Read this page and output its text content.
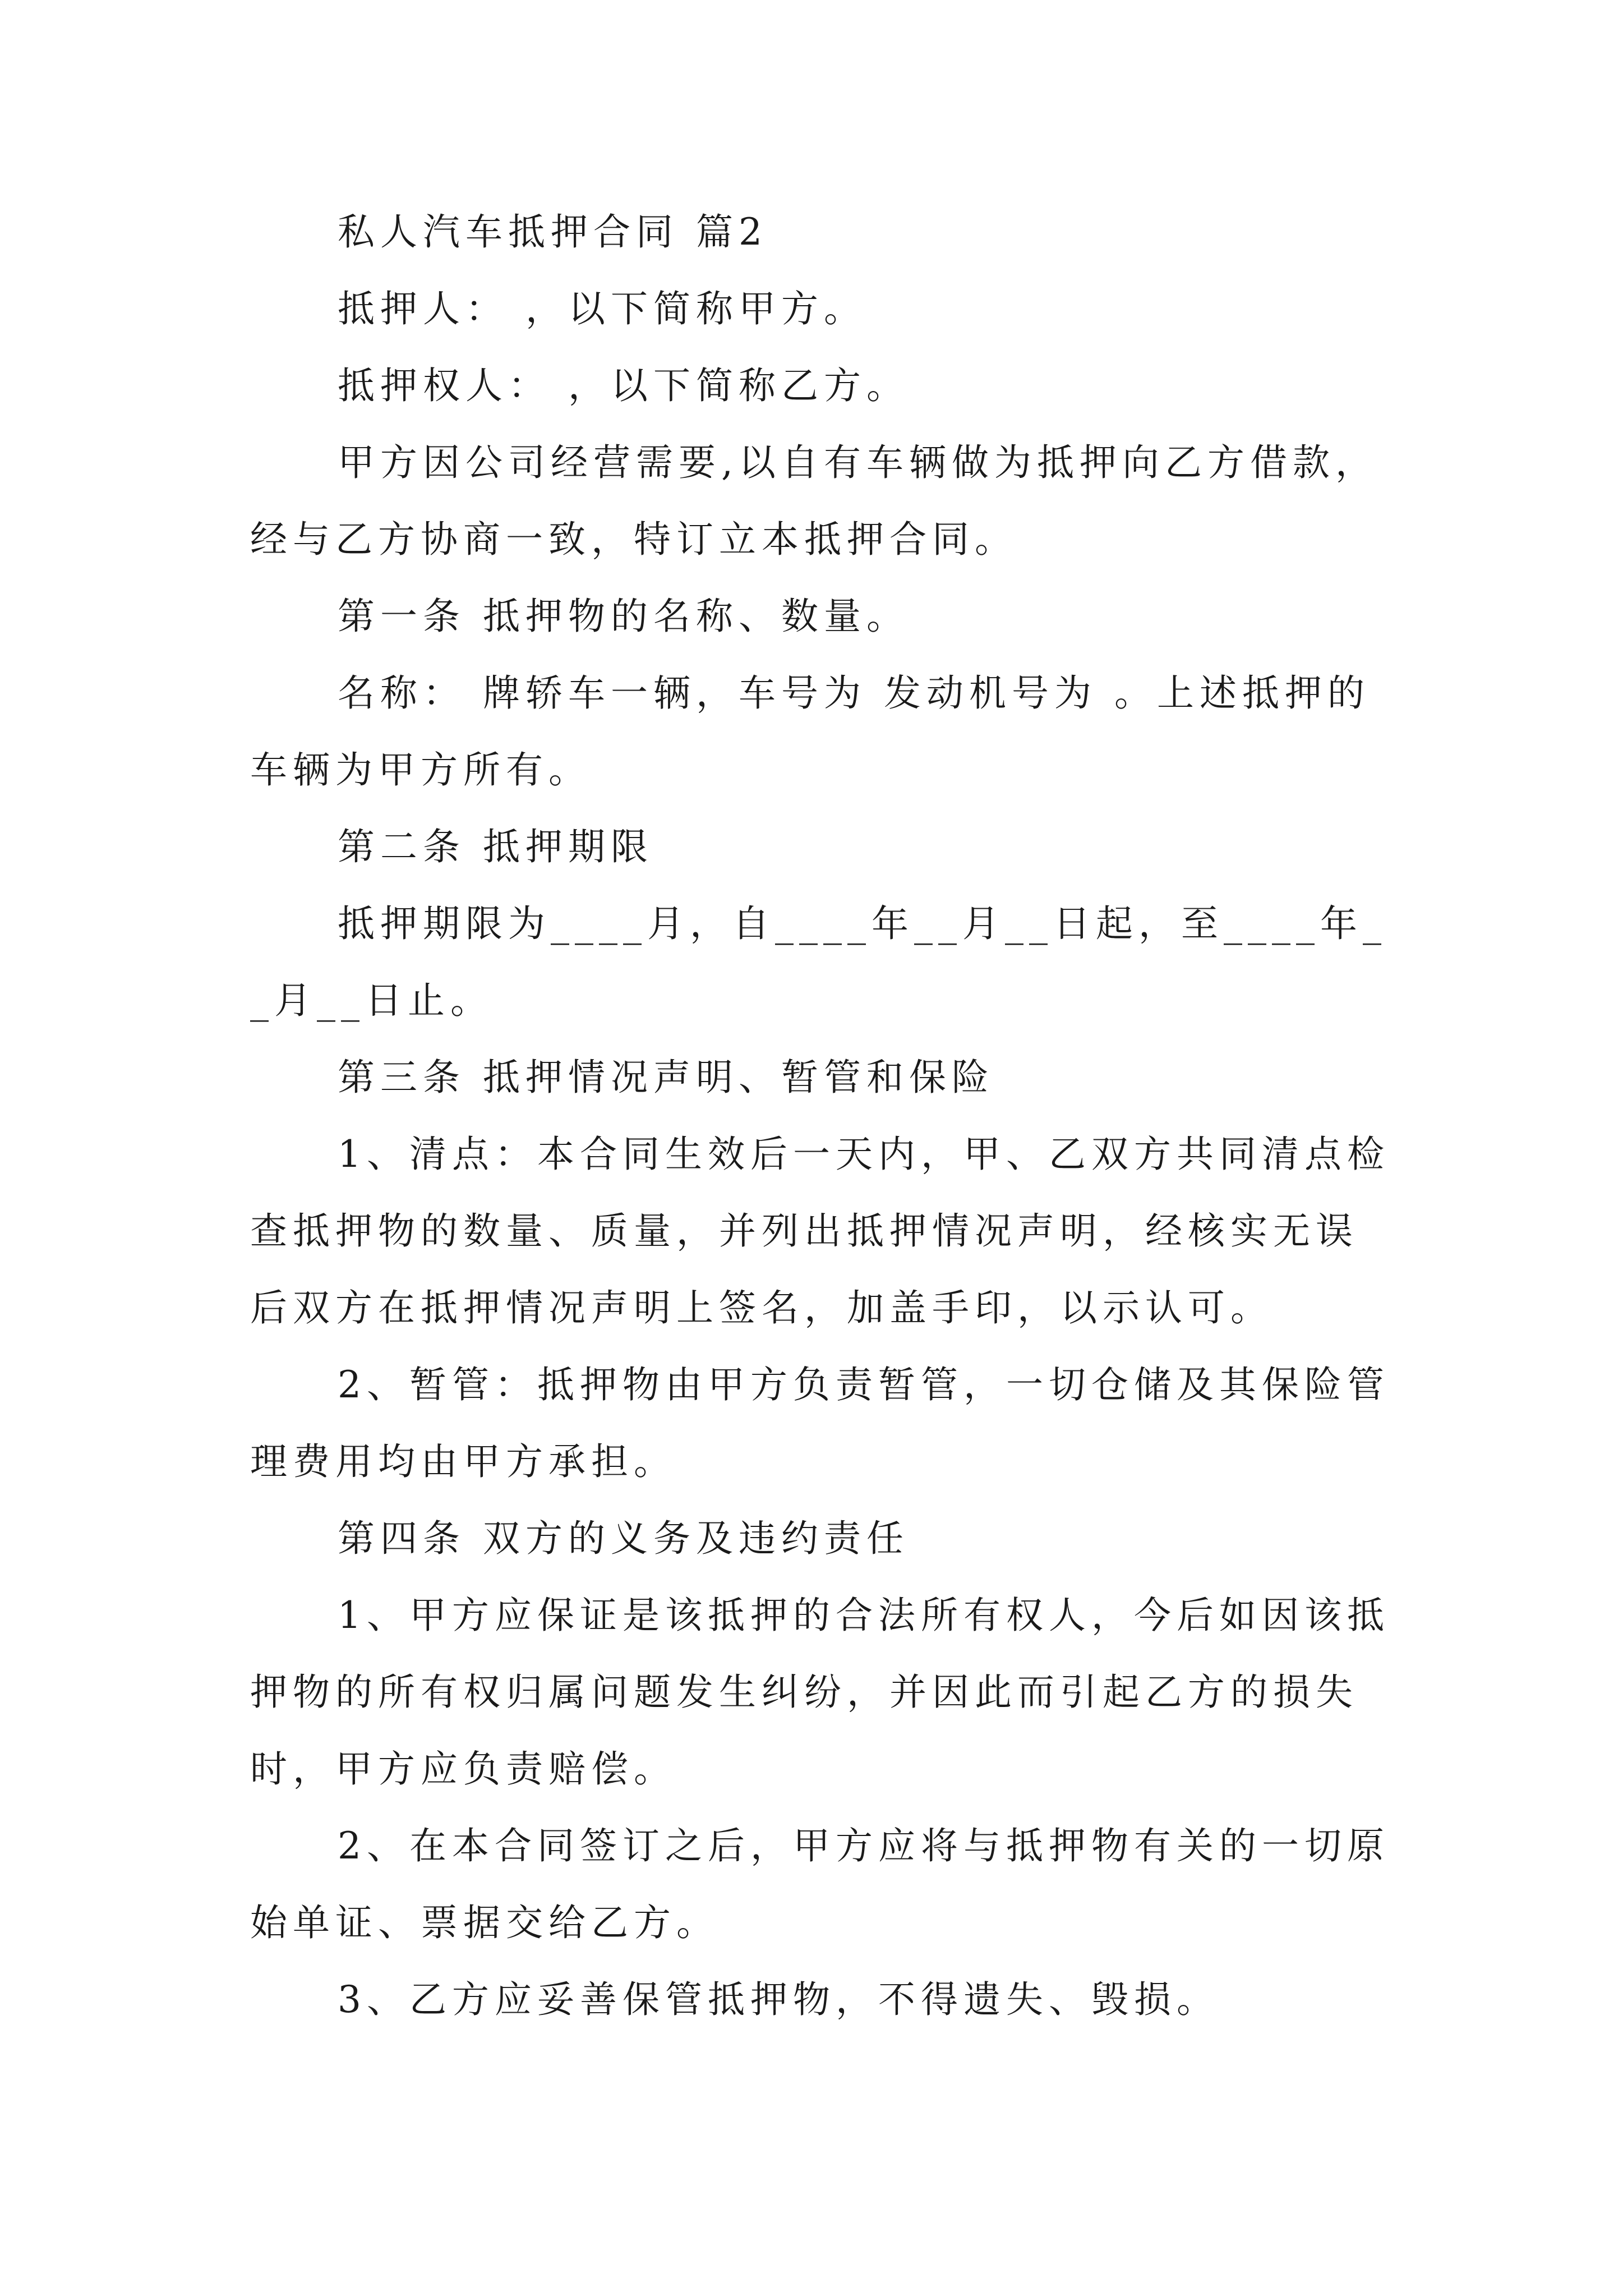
私人汽车抵押合同 篇2

抵押人： ，以下简称甲方。

抵押权人： ，以下简称乙方。

甲方因公司经营需要,以自有车辆做为抵押向乙方借款，经与乙方协商一致，特订立本抵押合同。

第一条 抵押物的名称、数量。

名称： 牌轿车一辆，车号为 发动机号为 。上述抵押的车辆为甲方所有。

第二条 抵押期限

抵押期限为____月，自____年__月__日起，至____年__月__日止。

第三条 抵押情况声明、暂管和保险

1、清点：本合同生效后一天内，甲、乙双方共同清点检查抵押物的数量、质量，并列出抵押情况声明，经核实无误后双方在抵押情况声明上签名，加盖手印，以示认可。

2、暂管：抵押物由甲方负责暂管，一切仓储及其保险管理费用均由甲方承担。

第四条 双方的义务及违约责任

1、甲方应保证是该抵押的合法所有权人，今后如因该抵押物的所有权归属问题发生纠纷，并因此而引起乙方的损失时，甲方应负责赔偿。

2、在本合同签订之后，甲方应将与抵押物有关的一切原始单证、票据交给乙方。

3、乙方应妥善保管抵押物，不得遗失、毁损。
